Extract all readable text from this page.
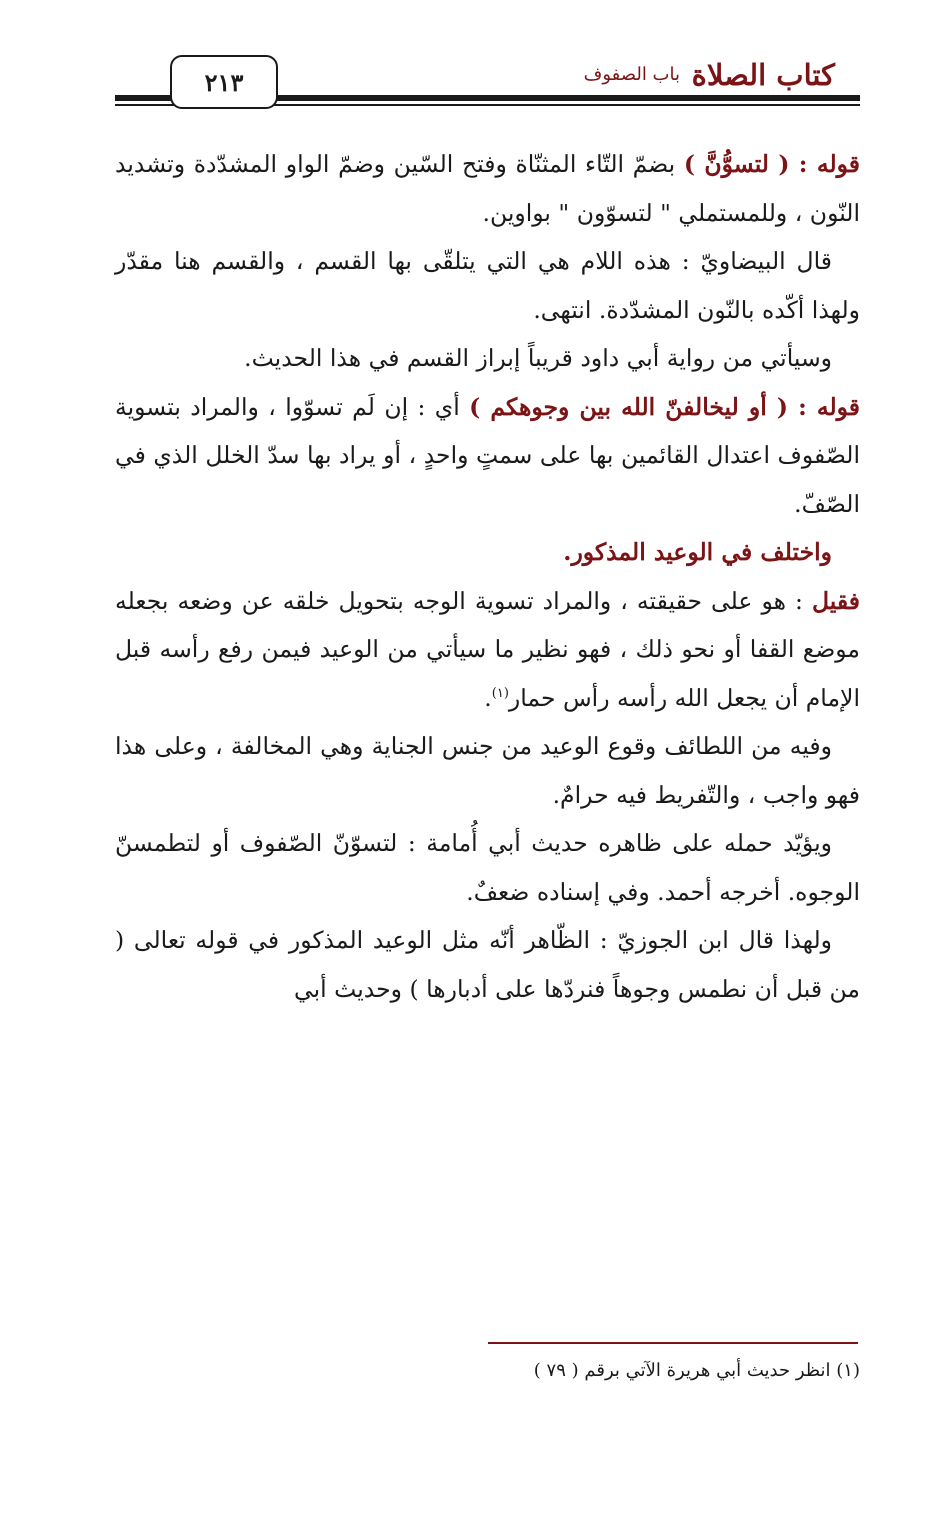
كتاب الصلاة
باب الصفوف
٢١٣

قوله : ( لتسوُّنَّ ) بضمّ التّاء المثنّاة وفتح السّين وضمّ الواو المشدّدة وتشديد النّون ، وللمستملي " لتسوّون " بواوين.

قال البيضاويّ : هذه اللام هي التي يتلقّى بها القسم ، والقسم هنا مقدّر ولهذا أكّده بالنّون المشدّدة. انتهى.

وسيأتي من رواية أبي داود قريباً إبراز القسم في هذا الحديث.

قوله : ( أو ليخالفنّ الله بين وجوهكم ) أي : إن لَم تسوّوا ، والمراد بتسوية الصّفوف اعتدال القائمين بها على سمتٍ واحدٍ ، أو يراد بها سدّ الخلل الذي في الصّفّ.

واختلف في الوعيد المذكور.

فقيل : هو على حقيقته ، والمراد تسوية الوجه بتحويل خلقه عن وضعه بجعله موضع القفا أو نحو ذلك ، فهو نظير ما سيأتي من الوعيد فيمن رفع رأسه قبل الإمام أن يجعل الله رأسه رأس حمار$^{(١)}$.

وفيه من اللطائف وقوع الوعيد من جنس الجناية وهي المخالفة ، وعلى هذا فهو واجب ، والتّفريط فيه حرامٌ.

ويؤيّد حمله على ظاهره حديث أبي أُمامة : لتسوّنّ الصّفوف أو لتطمسنّ الوجوه. أخرجه أحمد. وفي إسناده ضعفٌ.

ولهذا قال ابن الجوزيّ : الظّاهر أنّه مثل الوعيد المذكور في قوله تعالى ( من قبل أن نطمس وجوهاً فنردّها على أدبارها ) وحديث أبي

(١) انظر حديث أبي هريرة الآتي برقم ( ٧٩ )
